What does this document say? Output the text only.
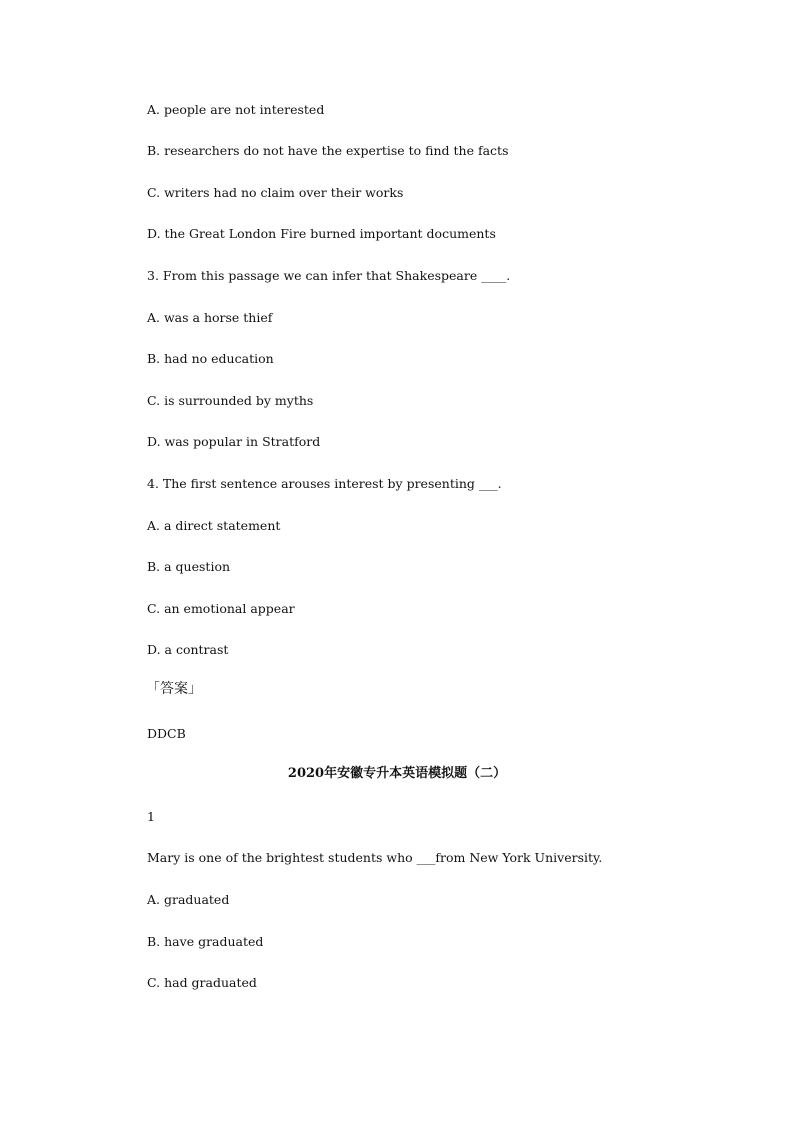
A. people are not interested
B. researchers do not have the expertise to find the facts
C. writers had no claim over their works
D. the Great London Fire burned important documents
3. From this passage we can infer that Shakespeare ____.
A. was a horse thief
B. had no education
C. is surrounded by myths
D. was popular in Stratford
4. The first sentence arouses interest by presenting ___.
A. a direct statement
B. a question
C. an emotional appear
D. a contrast
「答案」
DDCB
2020年安徽专升本英语模拟题（二）
1
Mary is one of the brightest students who ___from New York University.
A. graduated
B. have graduated
C. had graduated
